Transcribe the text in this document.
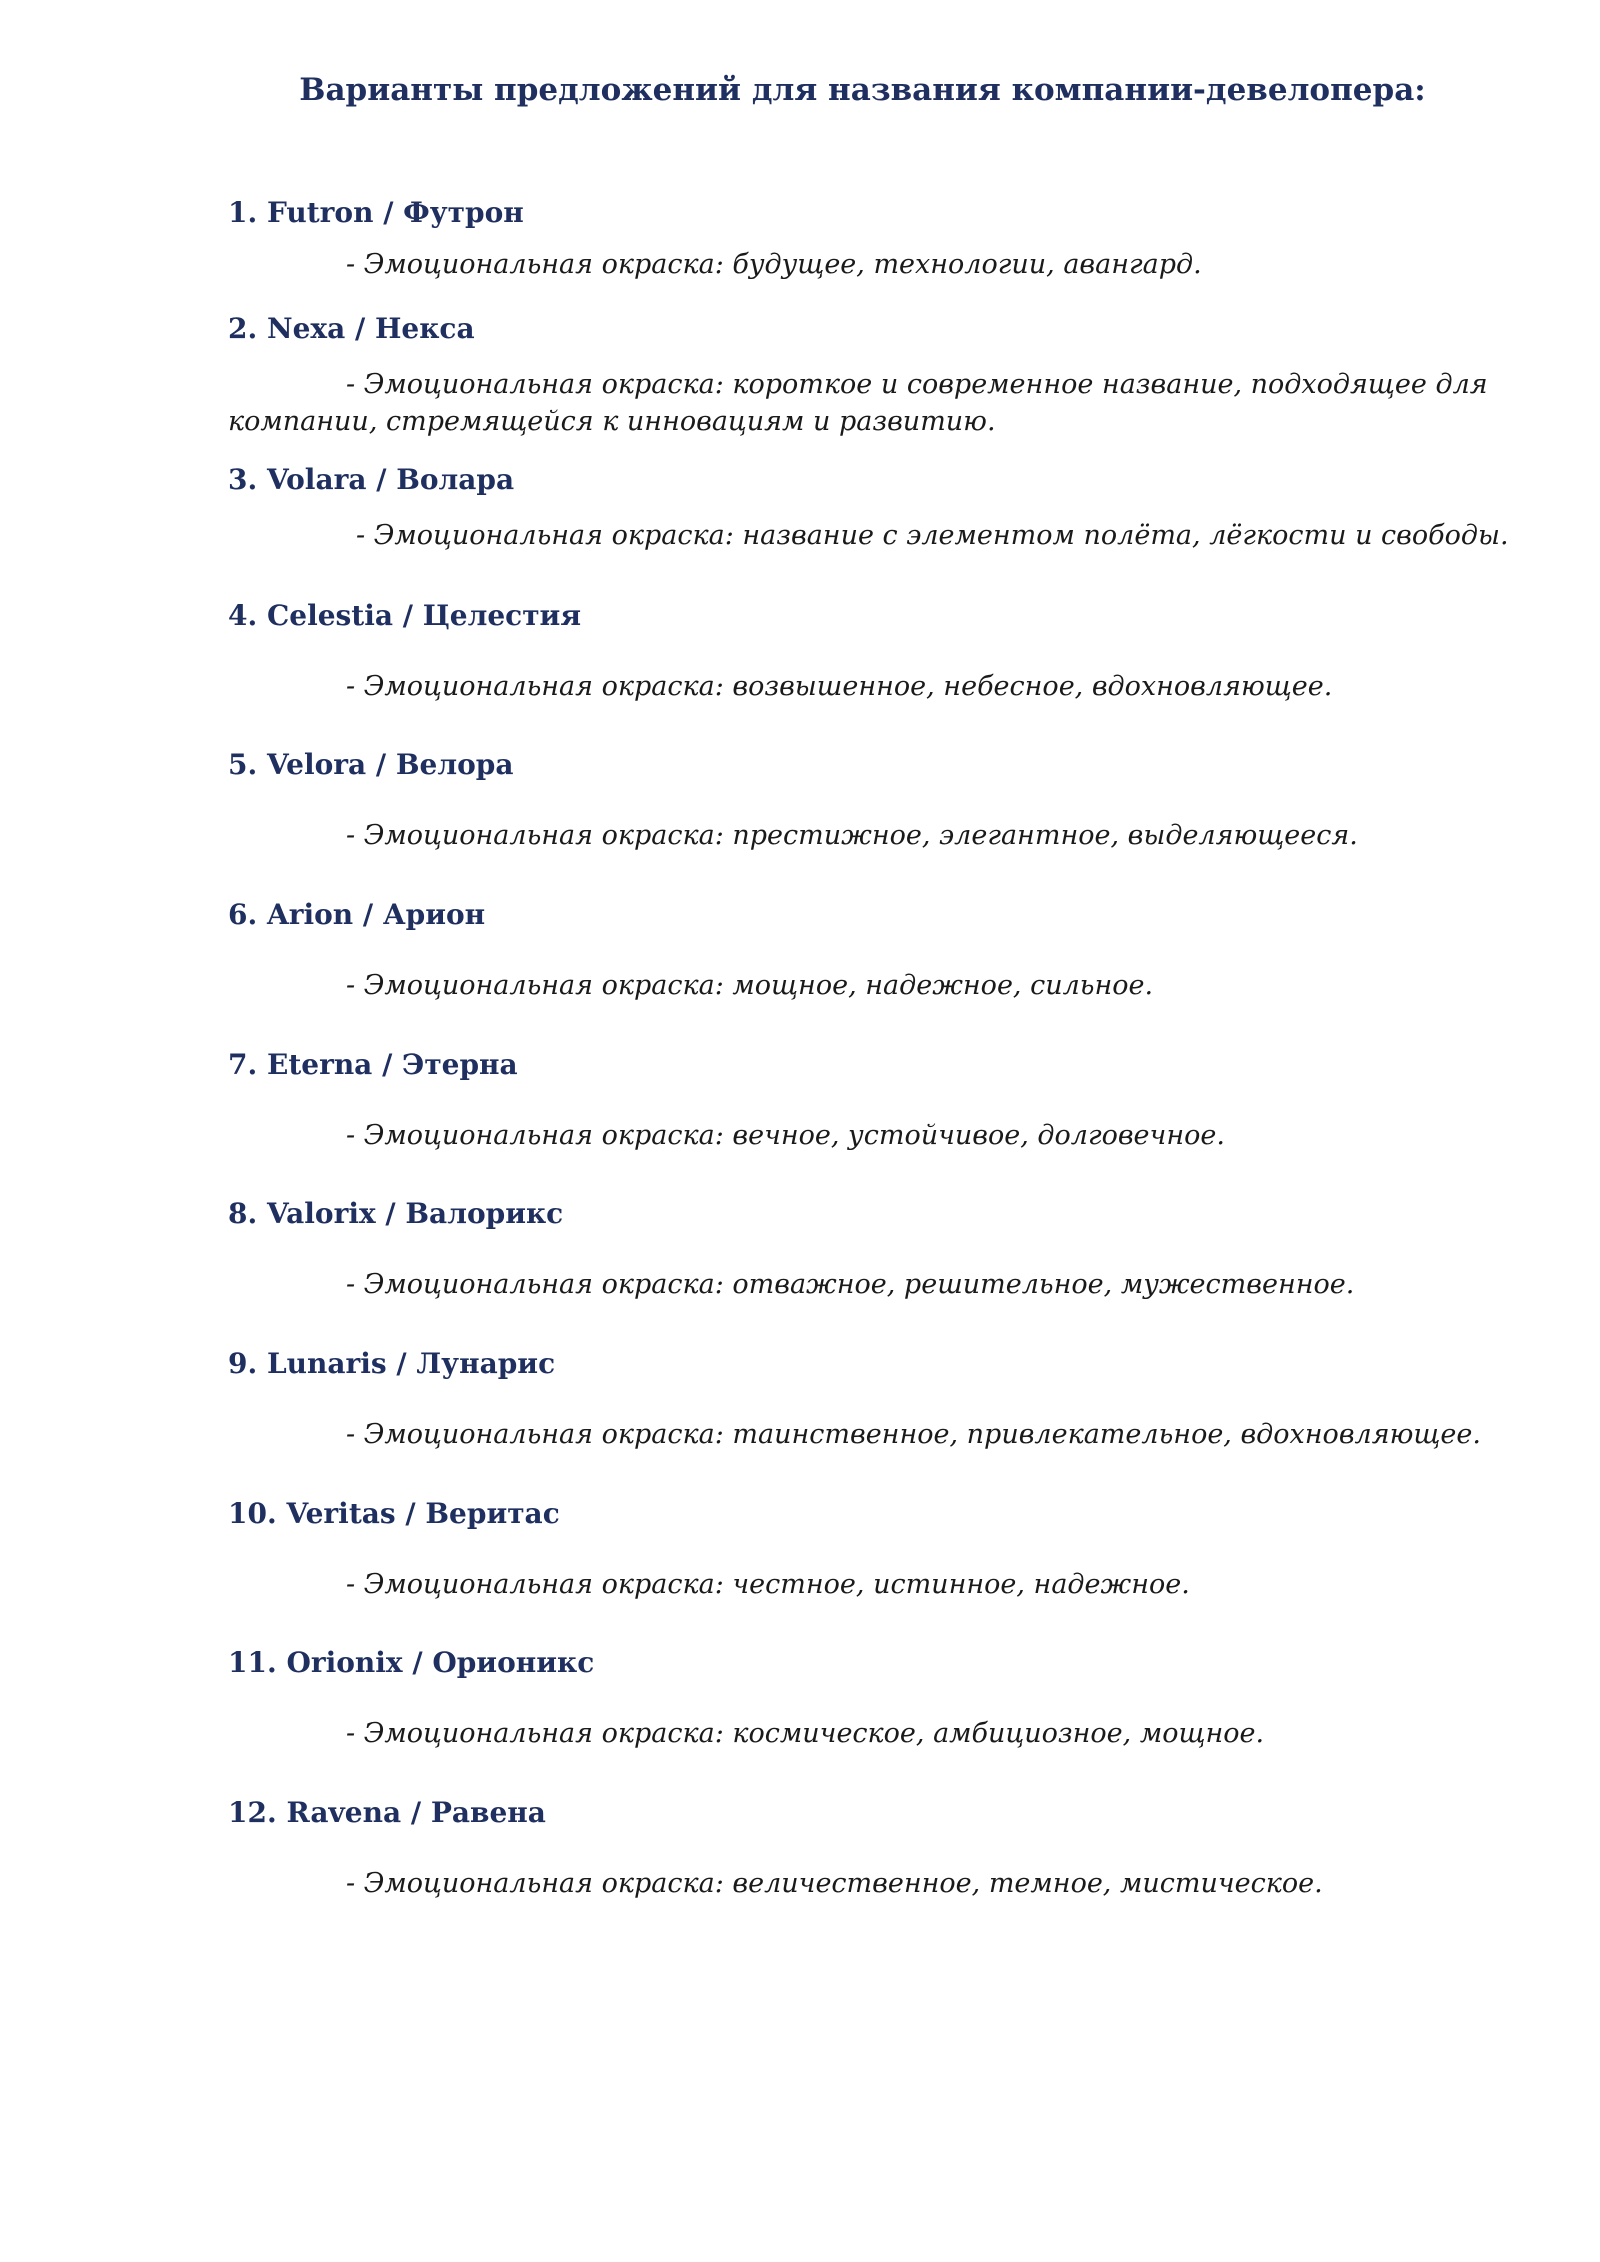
Варианты предложений для названия компании-девелопера:
1. Futron / Футрон
- Эмоциональная окраска: будущее, технологии, авангард.
2. Nexa / Некса
- Эмоциональная окраска: короткое и современное название, подходящее для компании, стремящейся к инновациям и развитию.
3. Volara / Волара
- Эмоциональная окраска: название с элементом полёта, лёгкости и свободы.
4. Celestia / Целестия
- Эмоциональная окраска: возвышенное, небесное, вдохновляющее.
5. Velora / Велора
- Эмоциональная окраска: престижное, элегантное, выделяющееся.
6. Arion / Арион
- Эмоциональная окраска: мощное, надежное, сильное.
7. Eterna / Этерна
- Эмоциональная окраска: вечное, устойчивое, долговечное.
8. Valorix / Валорикс
- Эмоциональная окраска: отважное, решительное, мужественное.
9. Lunaris / Лунарис
- Эмоциональная окраска: таинственное, привлекательное, вдохновляющее.
10. Veritas / Веритас
- Эмоциональная окраска: честное, истинное, надежное.
11. Orionix / Орионикс
- Эмоциональная окраска: космическое, амбициозное, мощное.
12. Ravena / Равена
- Эмоциональная окраска: величественное, темное, мистическое.
